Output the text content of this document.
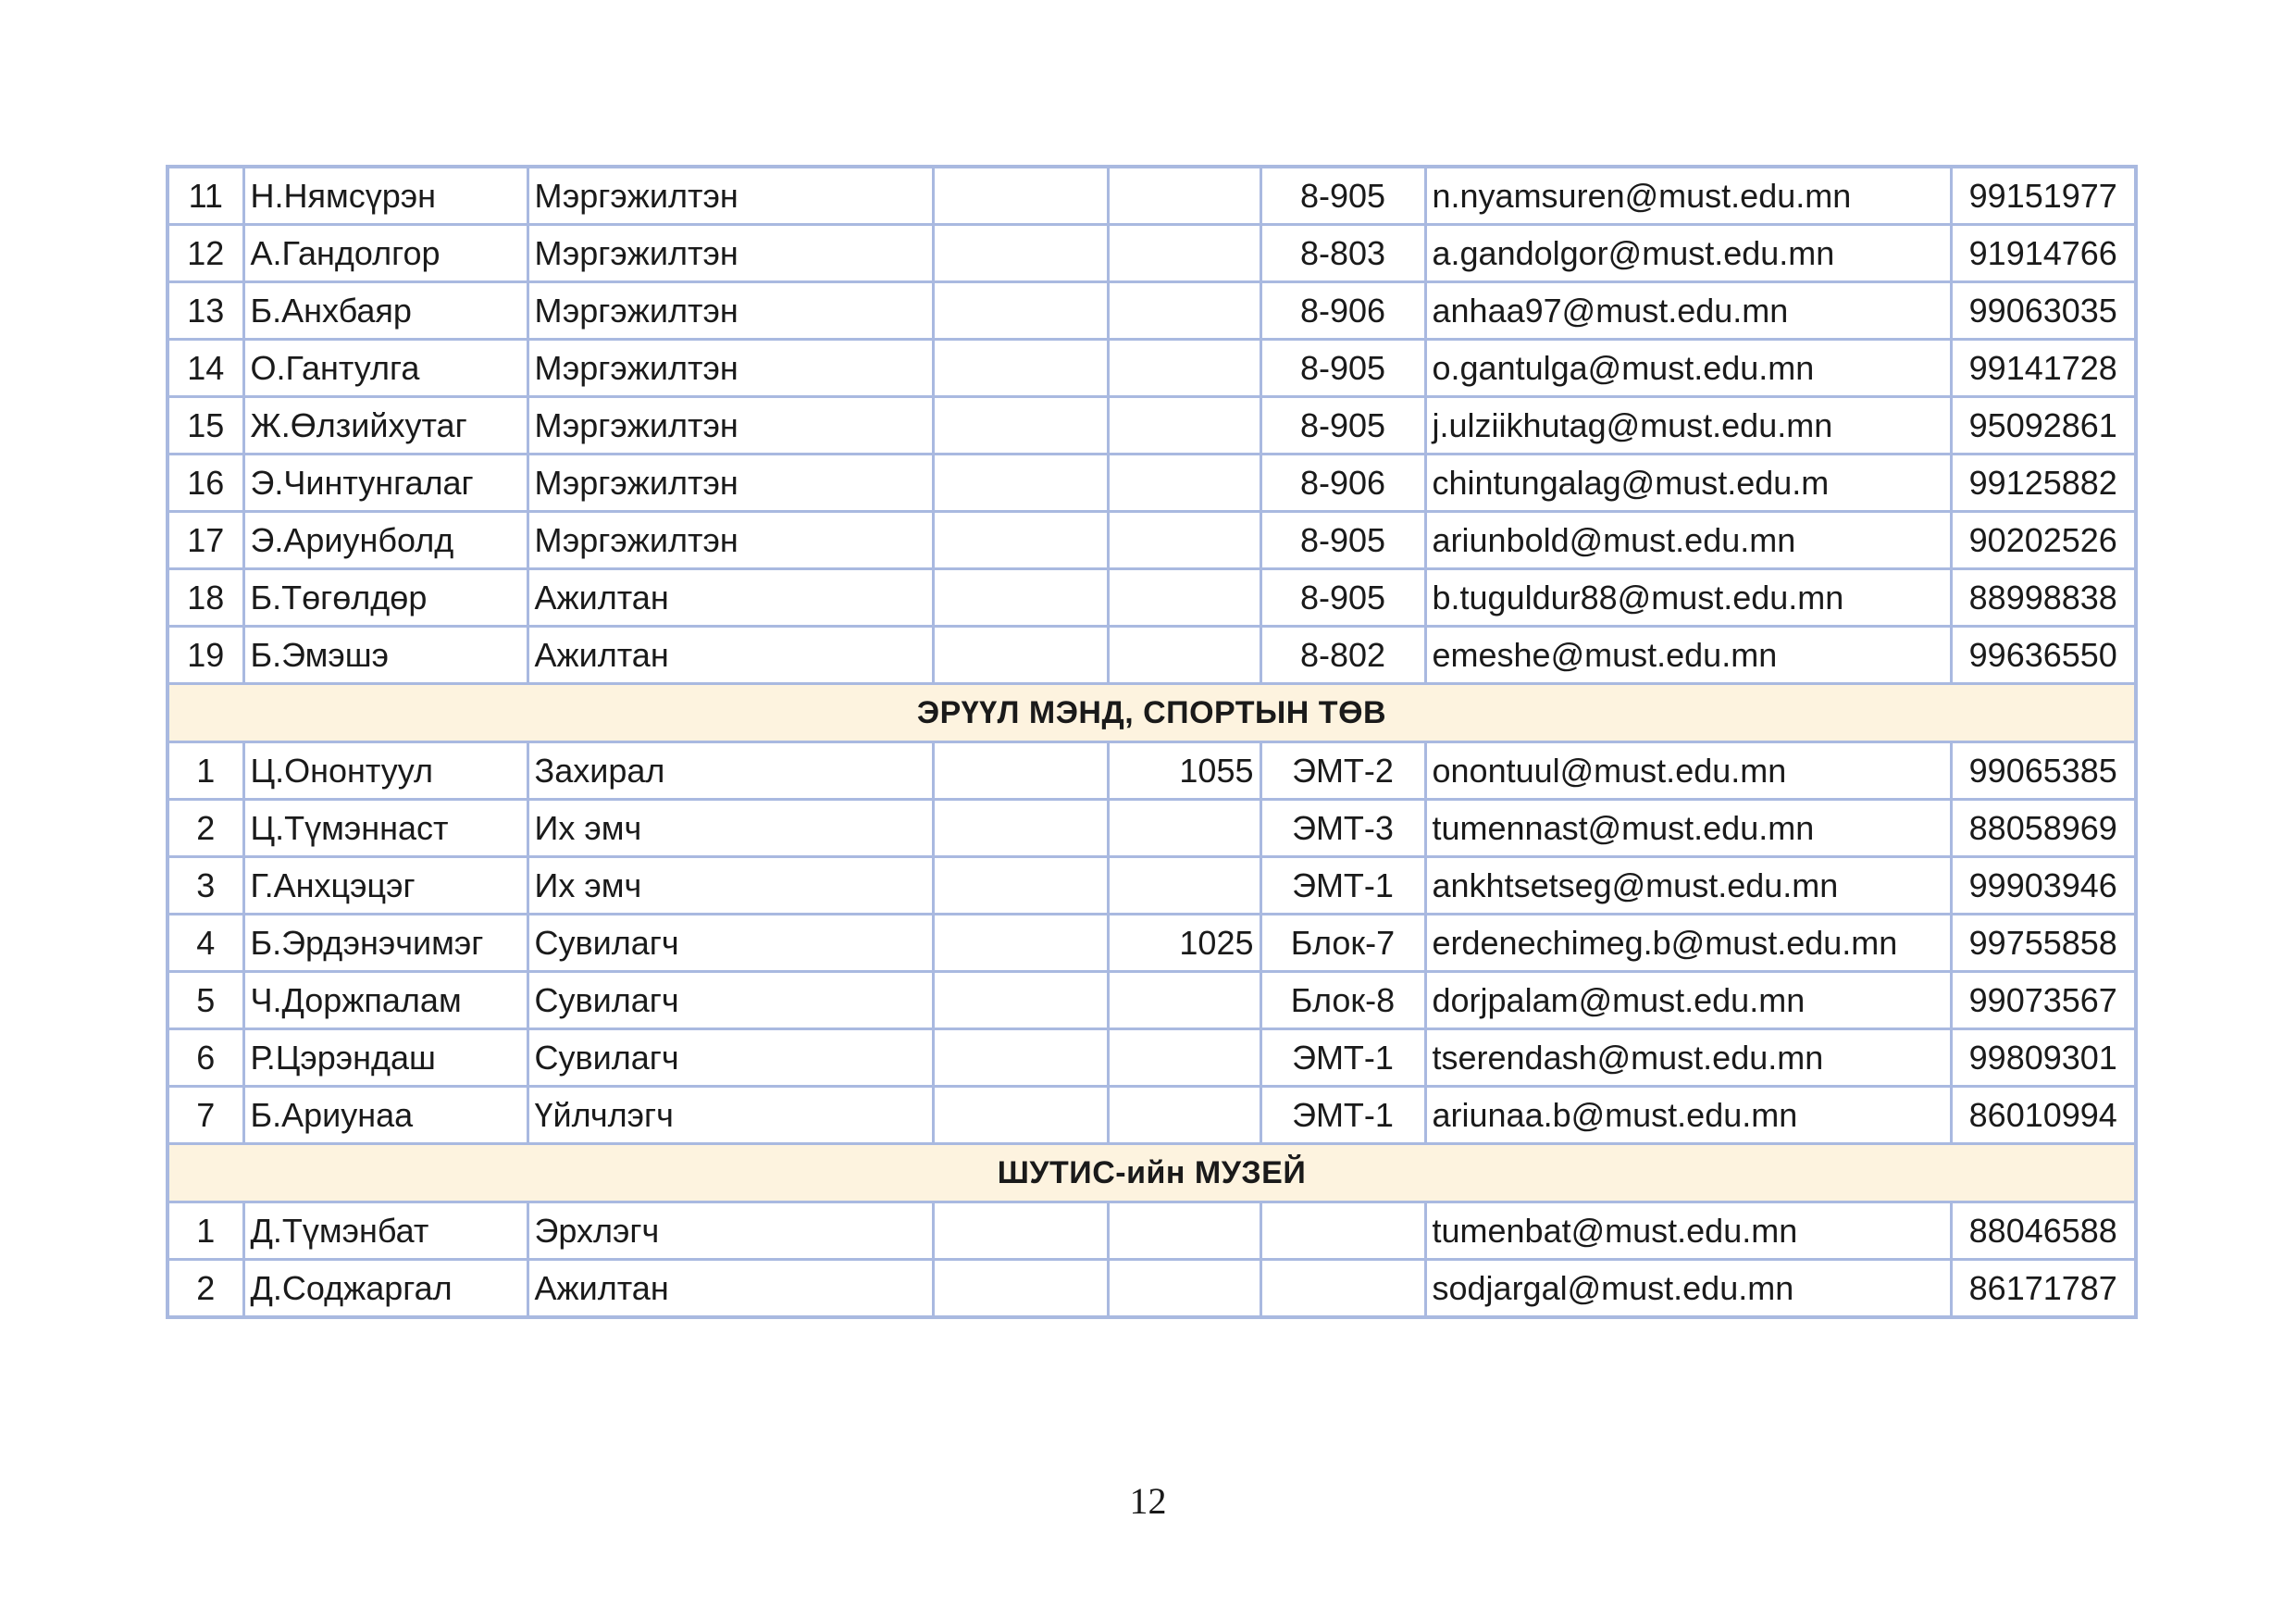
11	Н.Нямсүрэн	Мэргэжилтэн			8-905	n.nyamsuren@must.edu.mn	99151977
12	А.Гандолгор	Мэргэжилтэн			8-803	a.gandolgor@must.edu.mn	91914766
13	Б.Анхбаяр	Мэргэжилтэн			8-906	anhaa97@must.edu.mn	99063035
14	О.Гантулга	Мэргэжилтэн			8-905	o.gantulga@must.edu.mn	99141728
15	Ж.Өлзийхутаг	Мэргэжилтэн			8-905	j.ulziikhutag@must.edu.mn	95092861
16	Э.Чинтунгалаг	Мэргэжилтэн			8-906	chintungalag@must.edu.m	99125882
17	Э.Ариунболд	Мэргэжилтэн			8-905	ariunbold@must.edu.mn	90202526
18	Б.Төгөлдөр	Ажилтан			8-905	b.tuguldur88@must.edu.mn	88998838
19	Б.Эмэшэ	Ажилтан			8-802	emeshe@must.edu.mn	99636550
ЭРҮҮЛ МЭНД, СПОРТЫН ТӨВ							
1	Ц.Ононтуул	Захирал		1055	ЭМТ-2	onontuul@must.edu.mn	99065385
2	Ц.Түмэннаст	Их эмч			ЭМТ-3	tumennast@must.edu.mn	88058969
3	Г.Анхцэцэг	Их эмч			ЭМТ-1	ankhtsetseg@must.edu.mn	99903946
4	Б.Эрдэнэчимэг	Сувилагч		1025	Блок-7	erdenechimeg.b@must.edu.mn	99755858
5	Ч.Доржпалам	Сувилагч			Блок-8	dorjpalam@must.edu.mn	99073567
6	Р.Цэрэндаш	Сувилагч			ЭМТ-1	tserendash@must.edu.mn	99809301
7	Б.Ариунаа	Үйлчлэгч			ЭМТ-1	ariunaa.b@must.edu.mn	86010994
ШУТИС-ийн МУЗЕЙ							
1	Д.Түмэнбат	Эрхлэгч				tumenbat@must.edu.mn	88046588
2	Д.Соджаргал	Ажилтан				sodjargal@must.edu.mn	86171787
12
